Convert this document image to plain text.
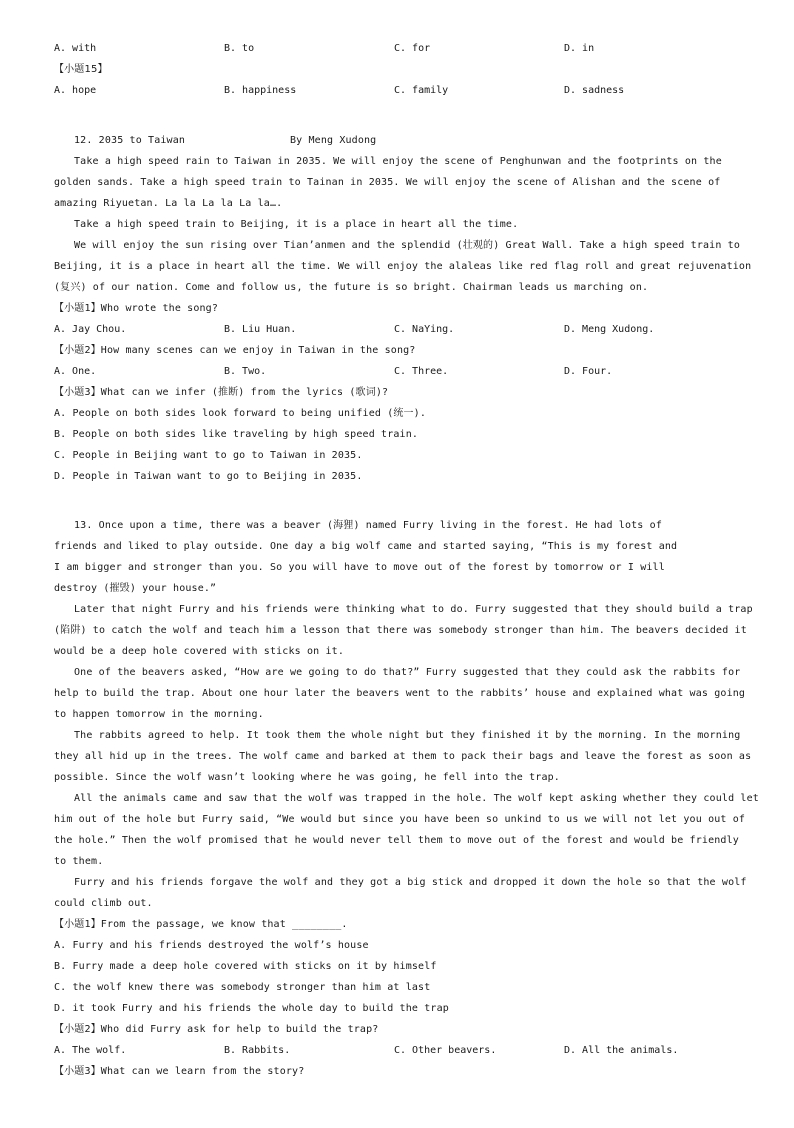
A. with

	B. to

	C. for

	D. in

【小题15】

A. hope

	B. happiness

	C. family

	D. sadness

12. 2035 to Taiwan                 By Meng Xudong
Take a high speed rain to Taiwan in 2035. We will enjoy the scene of Penghunwan and the footprints on the
golden sands. Take a high speed train to Tainan in 2035. We will enjoy the scene of Alishan and the scene of
amazing Riyuetan. La la La la La la….
Take a high speed train to Beijing, it is a place in heart all the time.
We will enjoy the sun rising over Tian’anmen and the splendid (壮观的) Great Wall. Take a high speed train to
Beijing, it is a place in heart all the time. We will enjoy the alaleas like red flag roll and great rejuvenation
(复兴) of our nation. Come and follow us, the future is so bright. Chairman leads us marching on.
【小题1】Who wrote the song?

A. Jay Chou.

	B. Liu Huan.

	C. NaYing.

	D. Meng Xudong.

【小题2】How many scenes can we enjoy in Taiwan in the song?

A. One.

	B. Two.

	C. Three.

	D. Four.

【小题3】What can we infer (推断) from the lyrics (歌词)?
A. People on both sides look forward to being unified (统一).
B. People on both sides like traveling by high speed train.
C. People in Beijing want to go to Taiwan in 2035.
D. People in Taiwan want to go to Beijing in 2035.
13. Once upon a time, there was a beaver (海狸) named Furry living in the forest. He had lots of
friends and liked to play outside. One day a big wolf came and started saying, “This is my forest and
I am bigger and stronger than you. So you will have to move out of the forest by tomorrow or I will
destroy (摧毁) your house.”
Later that night Furry and his friends were thinking what to do. Furry suggested that they should build a trap
(陷阱) to catch the wolf and teach him a lesson that there was somebody stronger than him. The beavers decided it
would be a deep hole covered with sticks on it.
One of the beavers asked, “How are we going to do that?” Furry suggested that they could ask the rabbits for
help to build the trap. About one hour later the beavers went to the rabbits’ house and explained what was going
to happen tomorrow in the morning.
The rabbits agreed to help. It took them the whole night but they finished it by the morning. In the morning
they all hid up in the trees. The wolf came and barked at them to pack their bags and leave the forest as soon as
possible. Since the wolf wasn’t looking where he was going, he fell into the trap.
All the animals came and saw that the wolf was trapped in the hole. The wolf kept asking whether they could let
him out of the hole but Furry said, “We would but since you have been so unkind to us we will not let you out of
the hole.” Then the wolf promised that he would never tell them to move out of the forest and would be friendly
to them.
Furry and his friends forgave the wolf and they got a big stick and dropped it down the hole so that the wolf
could climb out.
【小题1】From the passage, we know that ________.
A. Furry and his friends destroyed the wolf’s house
B. Furry made a deep hole covered with sticks on it by himself
C. the wolf knew there was somebody stronger than him at last
D. it took Furry and his friends the whole day to build the trap
【小题2】Who did Furry ask for help to build the trap?

A. The wolf.

	B. Rabbits.

	C. Other beavers.

	D. All the animals.

【小题3】What can we learn from the story?
